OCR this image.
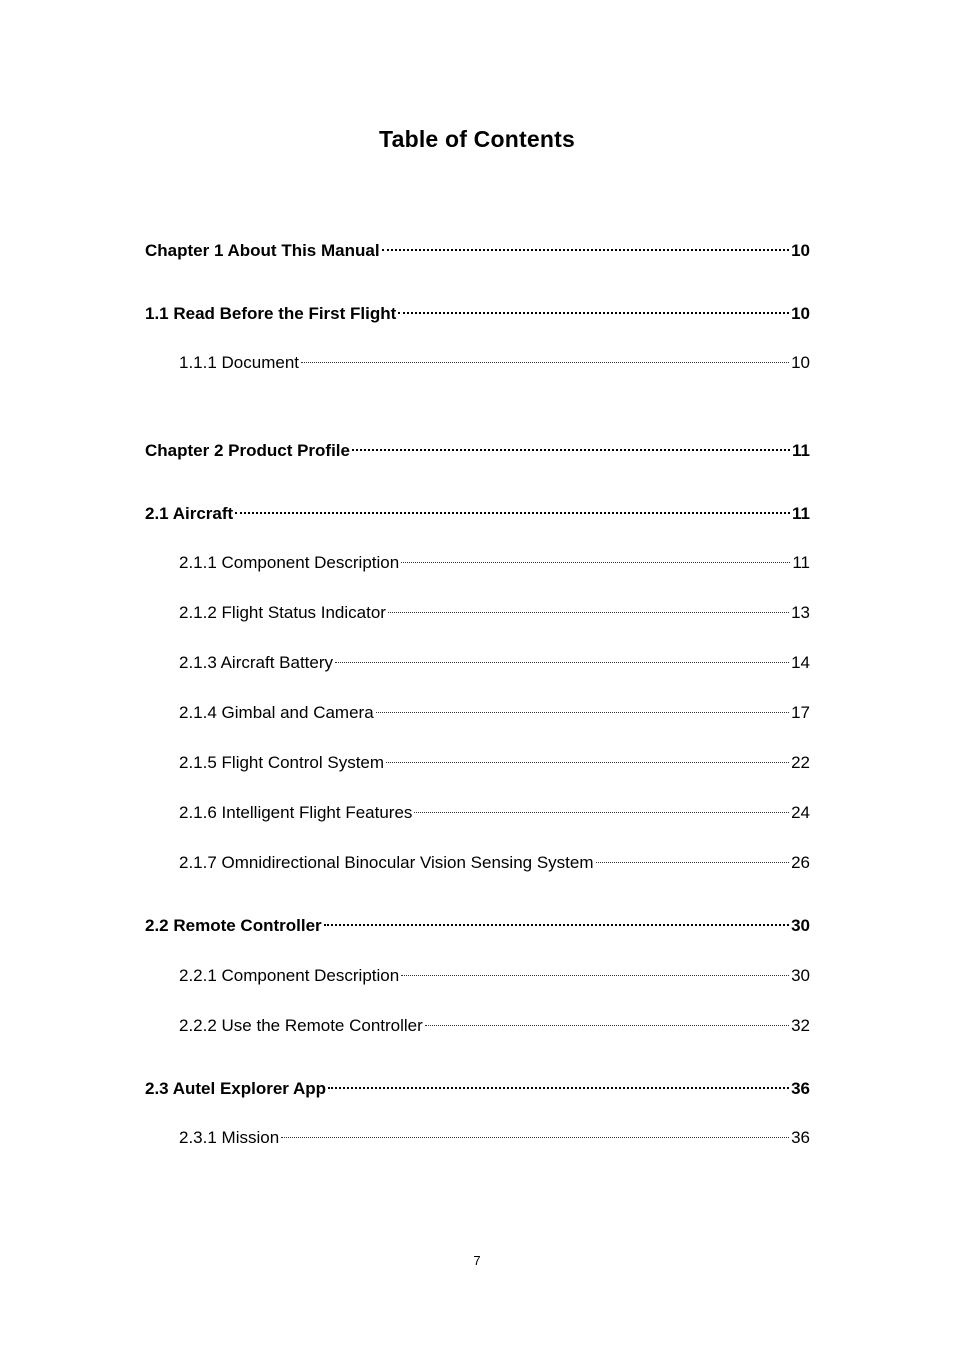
Table of Contents
Chapter 1 About This Manual	10
1.1 Read Before the First Flight	10
1.1.1 Document	10
Chapter 2 Product Profile	11
2.1 Aircraft	11
2.1.1 Component Description	11
2.1.2 Flight Status Indicator	13
2.1.3 Aircraft Battery	14
2.1.4 Gimbal and Camera	17
2.1.5 Flight Control System	22
2.1.6 Intelligent Flight Features	24
2.1.7 Omnidirectional Binocular Vision Sensing System	26
2.2 Remote Controller	30
2.2.1 Component Description	30
2.2.2 Use the Remote Controller	32
2.3 Autel Explorer App	36
2.3.1 Mission	36
7
